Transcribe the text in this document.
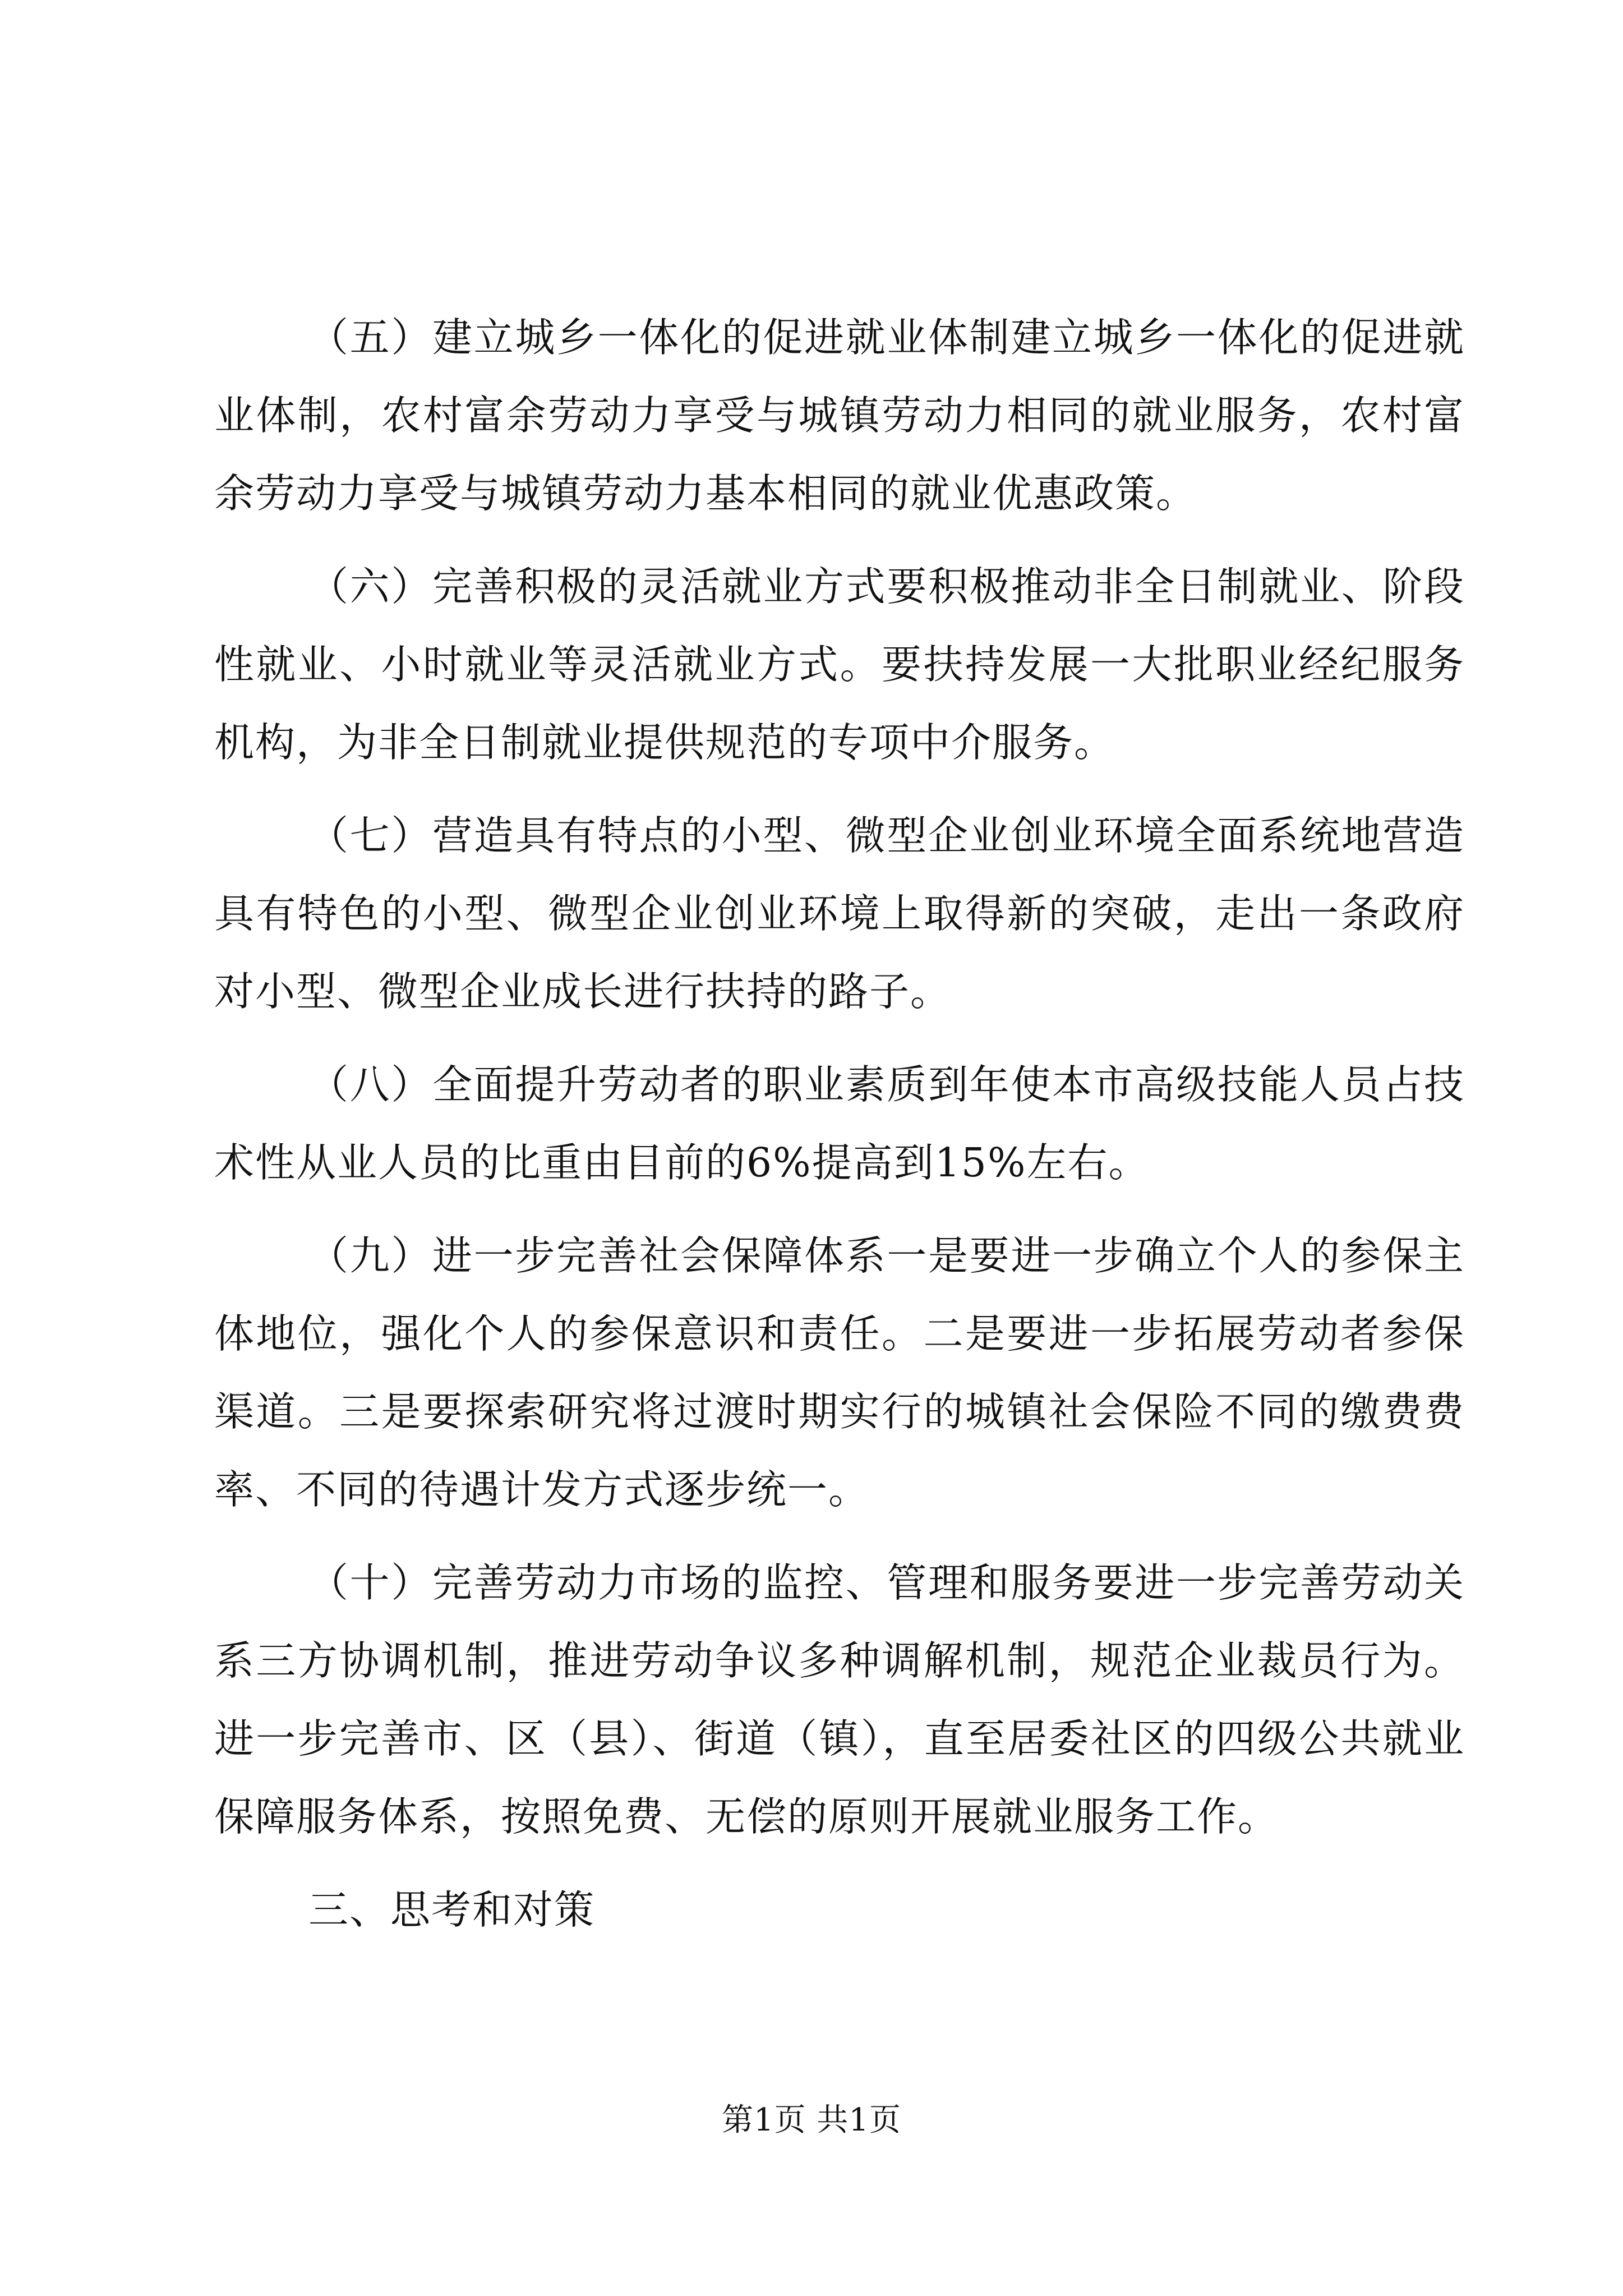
（五）建立城乡一体化的促进就业体制建立城乡一体化的促进就业体制，农村富余劳动力享受与城镇劳动力相同的就业服务，农村富余劳动力享受与城镇劳动力基本相同的就业优惠政策。

（六）完善积极的灵活就业方式要积极推动非全日制就业、阶段性就业、小时就业等灵活就业方式。要扶持发展一大批职业经纪服务机构，为非全日制就业提供规范的专项中介服务。

（七）营造具有特点的小型、微型企业创业环境全面系统地营造具有特色的小型、微型企业创业环境上取得新的突破，走出一条政府对小型、微型企业成长进行扶持的路子。

（八）全面提升劳动者的职业素质到年使本市高级技能人员占技术性从业人员的比重由目前的6%提高到15%左右。

（九）进一步完善社会保障体系一是要进一步确立个人的参保主体地位，强化个人的参保意识和责任。二是要进一步拓展劳动者参保渠道。三是要探索研究将过渡时期实行的城镇社会保险不同的缴费费率、不同的待遇计发方式逐步统一。

（十）完善劳动力市场的监控、管理和服务要进一步完善劳动关系三方协调机制，推进劳动争议多种调解机制，规范企业裁员行为。进一步完善市、区（县）、街道（镇），直至居委社区的四级公共就业保障服务体系，按照免费、无偿的原则开展就业服务工作。

三、思考和对策

第1页 共1页
